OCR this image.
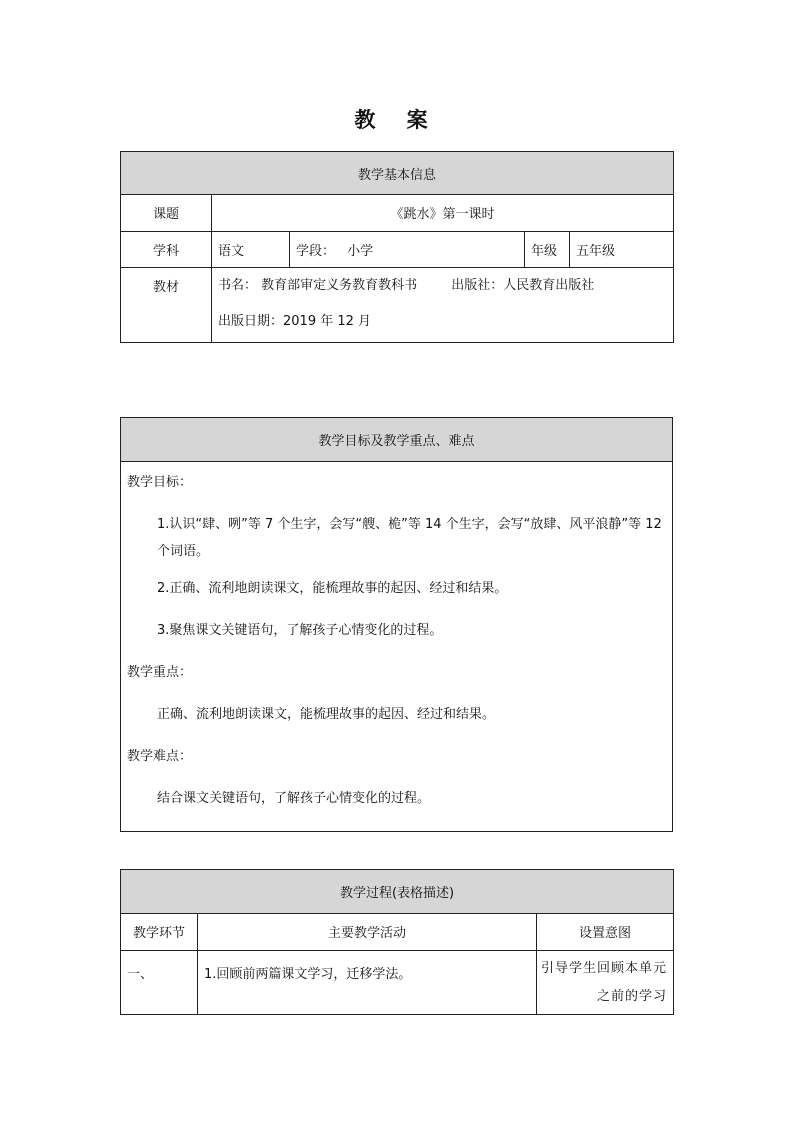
教 案
教学基本信息				
课题	《跳水》第一课时			
学科	语文	学段： 小学	年级	五年级
教材	书名： 教育部审定义务教育教科书 出版社：人民教育出版社
出版日期：2019 年 12 月			
教学目标及教学重点、难点

教学目标：
1.认识“肆、咧”等 7 个生字，会写“艘、桅”等 14 个生字，会写“放肆、风平浪静”等 12 个词语。
2.正确、流利地朗读课文，能梳理故事的起因、经过和结果。
3.聚焦课文关键语句，了解孩子心情变化的过程。
教学重点：
正确、流利地朗读课文，能梳理故事的起因、经过和结果。
教学难点：
结合课文关键语句，了解孩子心情变化的过程。
教学过程(表格描述)		
教学环节	主要教学活动	设置意图
一、	1.回顾前两篇课文学习，迁移学法。	引导学生回顾本单元之前的学习
